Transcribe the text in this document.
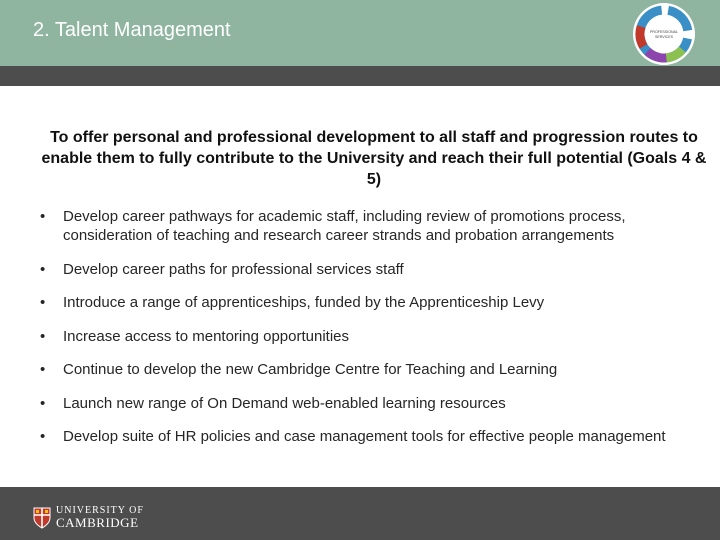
2. Talent Management	PROFESSIONAL
SERVICES
To offer personal and professional development to all staff and progression routes to enable them to fully contribute to the University and reach their full potential (Goals 4 & 5)
• Develop career pathways for academic staff, including review of promotions process, consideration of teaching and research career strands and probation arrangements
• Develop career paths for professional services staff
• Introduce a range of apprenticeships, funded by the Apprenticeship Levy
• Increase access to mentoring opportunities
• Continue to develop the new Cambridge Centre for Teaching and Learning
• Launch new range of On Demand web-enabled learning resources
• Develop suite of HR policies and case management tools for effective people management
UNIVERSITY OF
CAMBRIDGE
